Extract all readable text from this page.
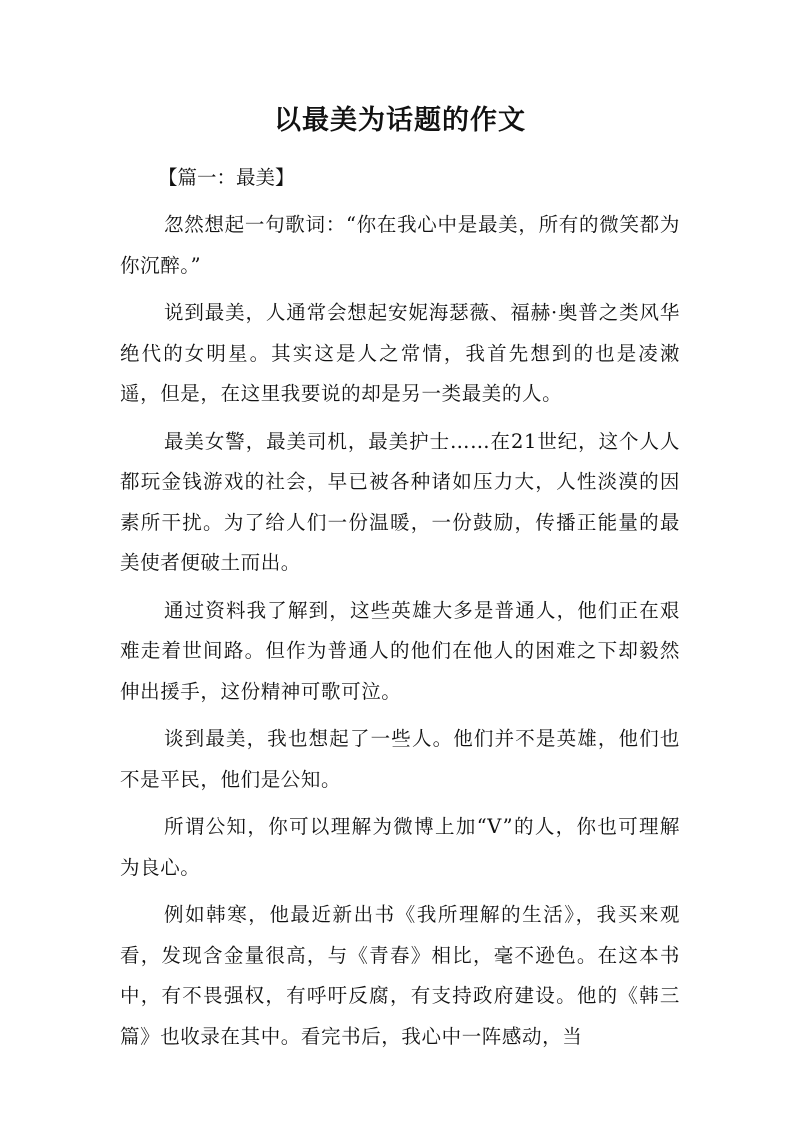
以最美为话题的作文

【篇一：最美】

忽然想起一句歌词：“你在我心中是最美，所有的微笑都为你沉醉。”

说到最美，人通常会想起安妮海瑟薇、福赫·奥普之类风华绝代的女明星。其实这是人之常情，我首先想到的也是凌潄遥，但是，在这里我要说的却是另一类最美的人。

最美女警，最美司机，最美护士……在21世纪，这个人人都玩金钱游戏的社会，早已被各种诸如压力大，人性淡漠的因素所干扰。为了给人们一份温暖，一份鼓励，传播正能量的最美使者便破土而出。

通过资料我了解到，这些英雄大多是普通人，他们正在艰难走着世间路。但作为普通人的他们在他人的困难之下却毅然伸出援手，这份精神可歌可泣。

谈到最美，我也想起了一些人。他们并不是英雄，他们也不是平民，他们是公知。

所谓公知，你可以理解为微博上加“V”的人，你也可理解为良心。

例如韩寒，他最近新出书《我所理解的生活》，我买来观看，发现含金量很高，与《青春》相比，毫不逊色。在这本书中，有不畏强权，有呼吁反腐，有支持政府建设。他的《韩三篇》也收录在其中。看完书后，我心中一阵感动，当
